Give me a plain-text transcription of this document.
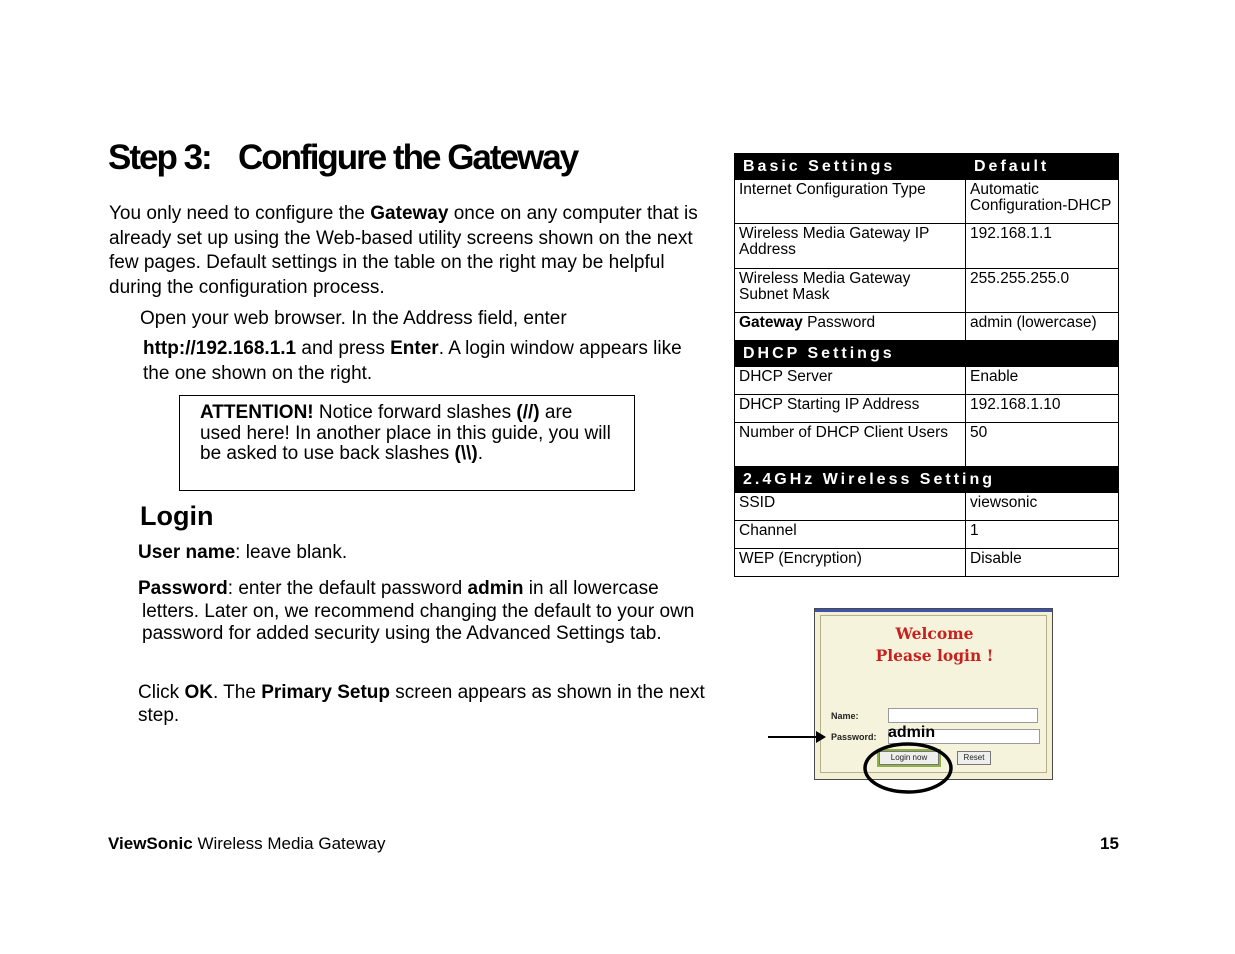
Step 3: Configure the Gateway
You only need to configure the Gateway once on any computer that is already set up using the Web-based utility screens shown on the next few pages. Default settings in the table on the right may be helpful during the configuration process.
Open your web browser. In the Address field, enter
http://192.168.1.1 and press Enter. A login window appears like the one shown on the right.
ATTENTION! Notice forward slashes (//) are used here! In another place in this guide, you will be asked to use back slashes (\\).
Login
User name: leave blank.
Password: enter the default password admin in all lowercase
letters. Later on, we recommend changing the default to your own password for added security using the Advanced Settings tab.
Click OK. The Primary Setup screen appears as shown in the next step.
Basic Settings	Default
Internet Configuration Type	Automatic Configuration-DHCP
Wireless Media Gateway IP Address	192.168.1.1
Wireless Media Gateway Subnet Mask	255.255.255.0
Gateway Password	admin (lowercase)
DHCP Settings	
DHCP Server	Enable
DHCP Starting IP Address	192.168.1.10
Number of DHCP Client Users	50
2.4GHz Wireless Setting	
SSID	viewsonic
Channel	1
WEP (Encryption)	Disable
Welcome
Please login !
Name:
Password:
Login now	Reset
admin
ViewSonic Wireless Media Gateway	15
